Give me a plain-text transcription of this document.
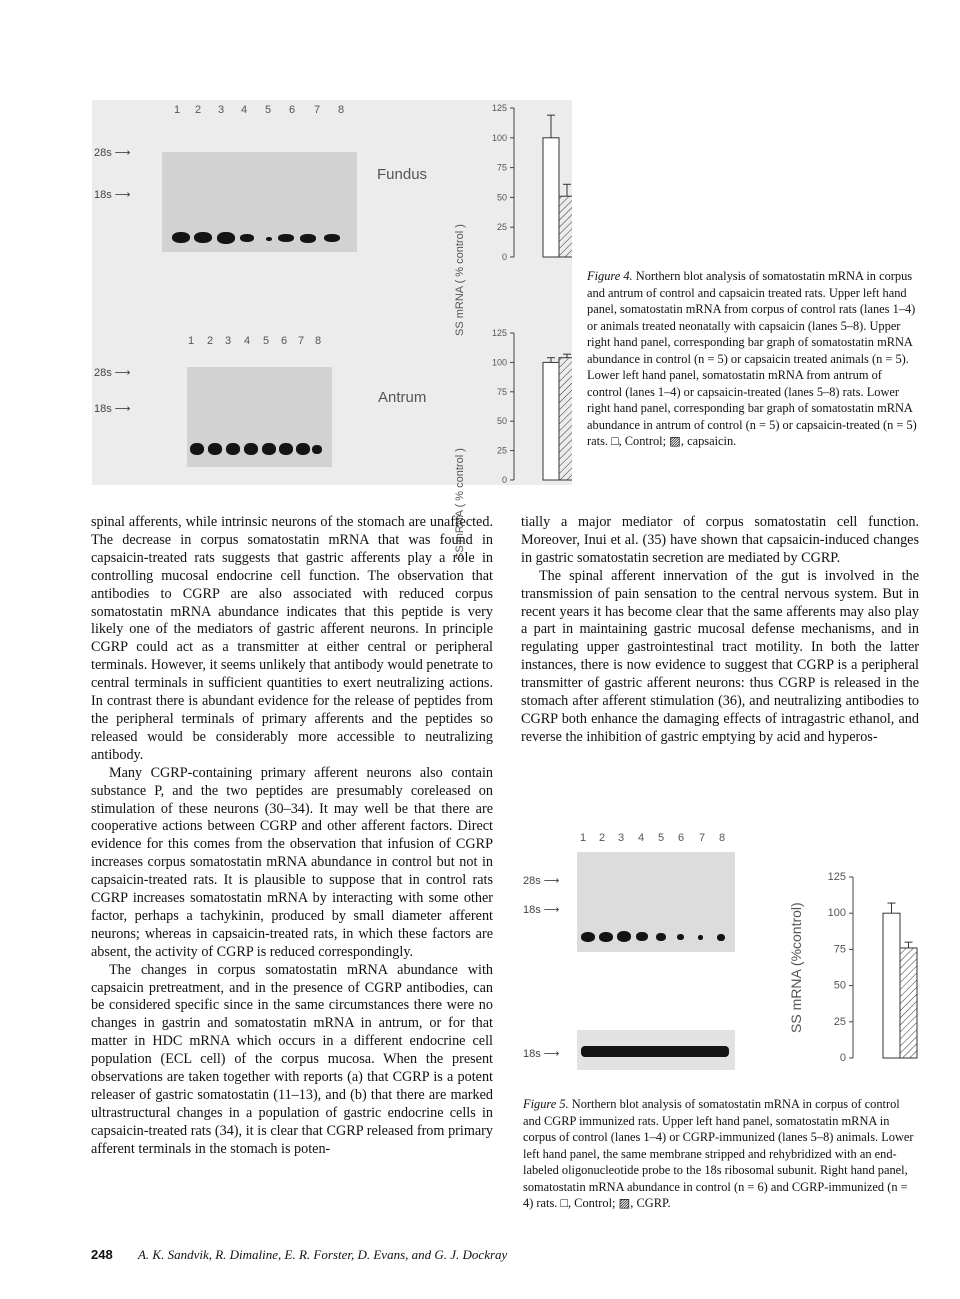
1 2 3 4 5 6 7 8
28s ⟶
18s ⟶
Fundus
1 2 3 4 5 6 7 8
28s ⟶
18s ⟶
Antrum
SS mRNA ( % control )
SS mRNA ( % control )
0
25
50
75
100
125
0
25
50
75
100
125
Figure 4. Northern blot analysis of somatostatin mRNA in corpus and antrum of control and capsaicin treated rats. Upper left hand panel, somatostatin mRNA from corpus of control rats (lanes 1–4) or animals treated neonatally with capsaicin (lanes 5–8). Upper right hand panel, corresponding bar graph of somatostatin mRNA abundance in control (n = 5) or capsaicin treated animals (n = 5). Lower left hand panel, somatostatin mRNA from antrum of control (lanes 1–4) or capsaicin-treated (lanes 5–8) rats. Lower right hand panel, corresponding bar graph of somatostatin mRNA abundance in antrum of control (n = 5) or capsaicin-treated (n = 5) rats. □, Control; ▨, capsaicin.

spinal afferents, while intrinsic neurons of the stomach are unaffected. The decrease in corpus somatostatin mRNA that was found in capsaicin-treated rats suggests that gastric afferents play a role in controlling mucosal endocrine cell function. The observation that antibodies to CGRP are also associated with reduced corpus somatostatin mRNA abundance indicates that this peptide is very likely one of the mediators of gastric afferent neurons. In principle CGRP could act as a transmitter at either central or peripheral terminals. However, it seems unlikely that antibody would penetrate to central terminals in sufficient quantities to exert neutralizing actions. In contrast there is abundant evidence for the release of peptides from the peripheral terminals of primary afferents and the peptides so released would be considerably more accessible to neutralizing antibody.

Many CGRP-containing primary afferent neurons also contain substance P, and the two peptides are presumably coreleased on stimulation of these neurons (30–34). It may well be that there are cooperative actions between CGRP and other afferent factors. Direct evidence for this comes from the observation that infusion of CGRP increases corpus somatostatin mRNA abundance in control but not in capsaicin-treated rats. It is plausible to suppose that in control rats CGRP increases somatostatin mRNA by interacting with some other factor, perhaps a tachykinin, produced by small diameter afferent neurons; whereas in capsaicin-treated rats, in which these factors are absent, the activity of CGRP is reduced correspondingly.

The changes in corpus somatostatin mRNA abundance with capsaicin pretreatment, and in the presence of CGRP antibodies, can be considered specific since in the same circumstances there were no changes in gastrin and somatostatin mRNA in antrum, or for that matter in HDC mRNA which occurs in a different endocrine cell population (ECL cell) of the corpus mucosa. When the present observations are taken together with reports (a) that CGRP is a potent releaser of gastric somatostatin (11–13), and (b) that there are marked ultrastructural changes in a population of gastric endocrine cells in capsaicin-treated rats (34), it is clear that CGRP released from primary afferent terminals in the stomach is poten-

tially a major mediator of corpus somatostatin cell function. Moreover, Inui et al. (35) have shown that capsaicin-induced changes in gastric somatostatin secretion are mediated by CGRP.

The spinal afferent innervation of the gut is involved in the transmission of pain sensation to the central nervous system. But in recent years it has become clear that the same afferents may also play a part in maintaining gastric mucosal defense mechanisms, and in regulating upper gastrointestinal tract motility. In both the latter instances, there is now evidence to suggest that CGRP is a peripheral transmitter of gastric afferent neurons: thus CGRP is released in the stomach after afferent stimulation (36), and neutralizing antibodies to CGRP both enhance the damaging effects of intragastric ethanol, and reverse the inhibition of gastric emptying by acid and hyperos-

1 2 3 4 5 6 7 8
28s ⟶
18s ⟶
18s ⟶
SS mRNA (%control)
0
25
50
75
100
125
Figure 5. Northern blot analysis of somatostatin mRNA in corpus of control and CGRP immunized rats. Upper left hand panel, somatostatin mRNA in corpus of control (lanes 1–4) or CGRP-immunized (lanes 5–8) animals. Lower left hand panel, the same membrane stripped and rehybridized with an end-labeled oligonucleotide probe to the 18s ribosomal subunit. Right hand panel, somatostatin mRNA abundance in control (n = 6) and CGRP-immunized (n = 4) rats. □, Control; ▨, CGRP.
248 A. K. Sandvik, R. Dimaline, E. R. Forster, D. Evans, and G. J. Dockray
